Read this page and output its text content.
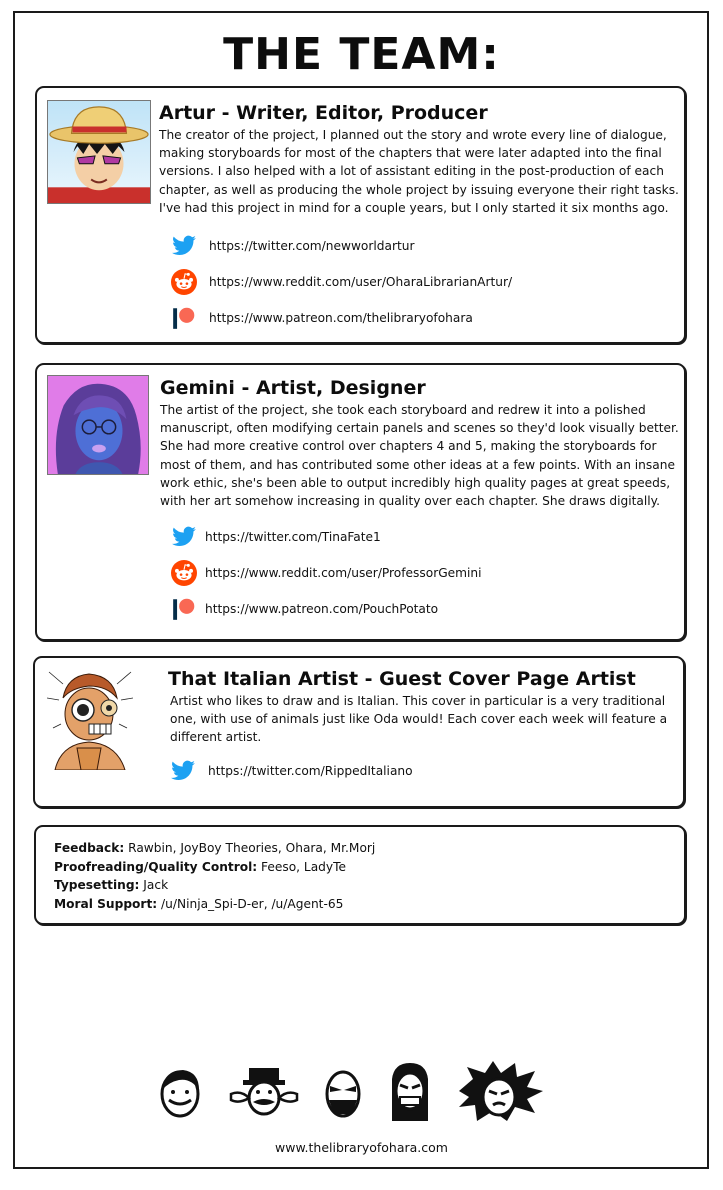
THE TEAM:
Artur - Writer, Editor, Producer

The creator of the project, I planned out the story and wrote every line of dialogue, making storyboards for most of the chapters that were later adapted into the final versions. I also helped with a lot of assistant editing in the post-production of each chapter, as well as producing the whole project by issuing everyone their right tasks. I've had this project in mind for a couple years, but I only started it six months ago.

https://twitter.com/newworldartur
https://www.reddit.com/user/OharaLibrarianArtur/
https://www.patreon.com/thelibraryofohara
Gemini - Artist, Designer

The artist of the project, she took each storyboard and redrew it into a polished manuscript, often modifying certain panels and scenes so they'd look visually better. She had more creative control over chapters 4 and 5, making the storyboards for most of them, and has contributed some other ideas at a few points. With an insane work ethic, she's been able to output incredibly high quality pages at great speeds, with her art somehow increasing in quality over each chapter. She draws digitally.

https://twitter.com/TinaFate1
https://www.reddit.com/user/ProfessorGemini
https://www.patreon.com/PouchPotato
That Italian Artist - Guest Cover Page Artist

Artist who likes to draw and is Italian. This cover in particular is a very traditional one, with use of animals just like Oda would! Each cover each week will feature a different artist.

https://twitter.com/RippedItaliano
Feedback: Rawbin, JoyBoy Theories, Ohara, Mr.Morj
Proofreading/Quality Control: Feeso, LadyTe
Typesetting: Jack
Moral Support: /u/Ninja_Spi-D-er, /u/Agent-65
www.thelibraryofohara.com
